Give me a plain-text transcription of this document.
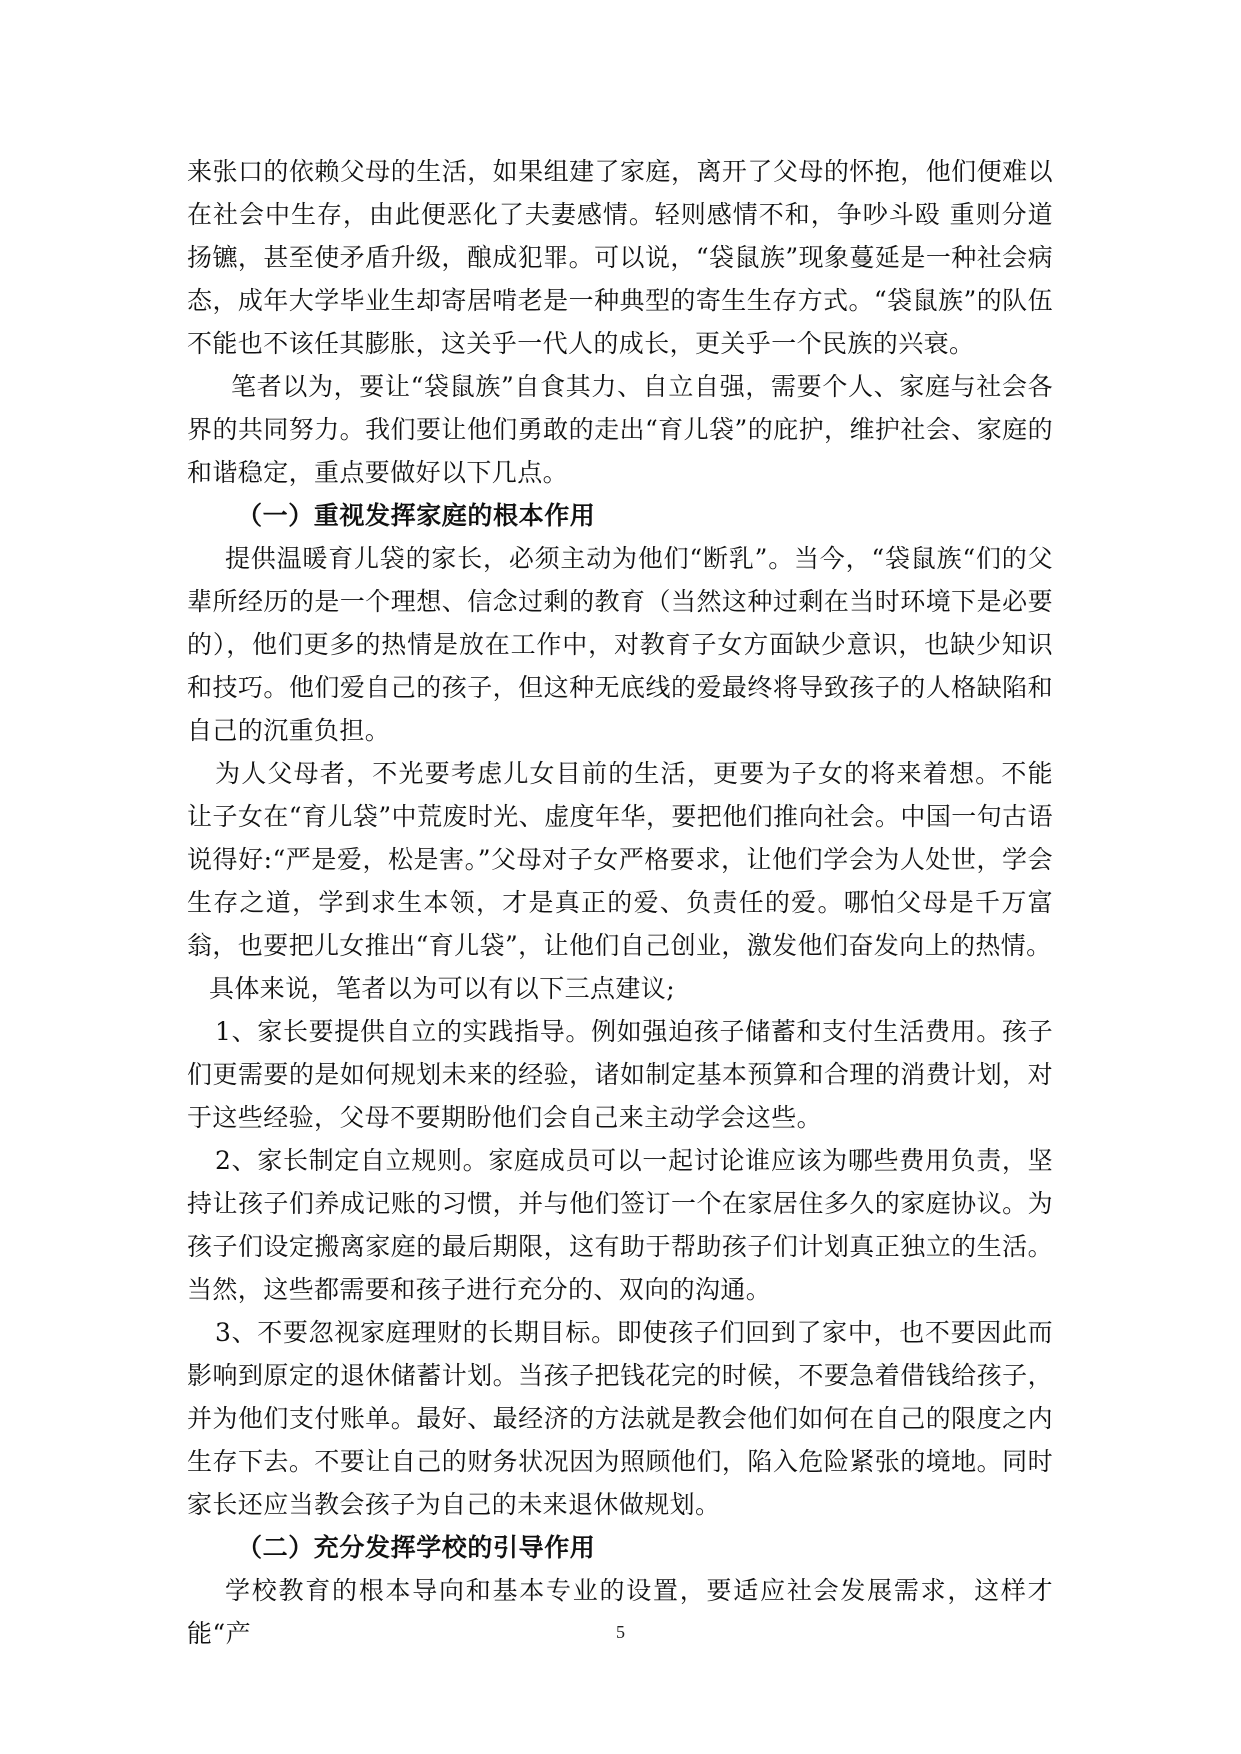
来张口的依赖父母的生活，如果组建了家庭，离开了父母的怀抱，他们便难以在社会中生存，由此便恶化了夫妻感情。轻则感情不和，争吵斗殴 重则分道扬镳，甚至使矛盾升级，酿成犯罪。可以说，“袋鼠族”现象蔓延是一种社会病态，成年大学毕业生却寄居啃老是一种典型的寄生生存方式。“袋鼠族”的队伍不能也不该任其膨胀，这关乎一代人的成长，更关乎一个民族的兴衰。

笔者以为，要让“袋鼠族”自食其力、自立自强，需要个人、家庭与社会各界的共同努力。我们要让他们勇敢的走出“育儿袋”的庇护，维护社会、家庭的和谐稳定，重点要做好以下几点。

（一）重视发挥家庭的根本作用

提供温暖育儿袋的家长，必须主动为他们“断乳”。当今，“袋鼠族“们的父辈所经历的是一个理想、信念过剩的教育（当然这种过剩在当时环境下是必要的），他们更多的热情是放在工作中，对教育子女方面缺少意识，也缺少知识和技巧。他们爱自己的孩子，但这种无底线的爱最终将导致孩子的人格缺陷和自己的沉重负担。

为人父母者，不光要考虑儿女目前的生活，更要为子女的将来着想。不能让子女在“育儿袋”中荒废时光、虚度年华，要把他们推向社会。中国一句古语说得好:“严是爱，松是害。”父母对子女严格要求，让他们学会为人处世，学会生存之道，学到求生本领，才是真正的爱、负责任的爱。哪怕父母是千万富翁，也要把儿女推出“育儿袋”，让他们自己创业，激发他们奋发向上的热情。

具体来说，笔者以为可以有以下三点建议;

1、家长要提供自立的实践指导。例如强迫孩子储蓄和支付生活费用。孩子们更需要的是如何规划未来的经验，诸如制定基本预算和合理的消费计划，对于这些经验，父母不要期盼他们会自己来主动学会这些。

2、家长制定自立规则。家庭成员可以一起讨论谁应该为哪些费用负责，坚持让孩子们养成记账的习惯，并与他们签订一个在家居住多久的家庭协议。为孩子们设定搬离家庭的最后期限，这有助于帮助孩子们计划真正独立的生活。当然，这些都需要和孩子进行充分的、双向的沟通。

3、不要忽视家庭理财的长期目标。即使孩子们回到了家中，也不要因此而影响到原定的退休储蓄计划。当孩子把钱花完的时候，不要急着借钱给孩子，并为他们支付账单。最好、最经济的方法就是教会他们如何在自己的限度之内生存下去。不要让自己的财务状况因为照顾他们，陷入危险紧张的境地。同时家长还应当教会孩子为自己的未来退休做规划。

（二）充分发挥学校的引导作用

学校教育的根本导向和基本专业的设置，要适应社会发展需求，这样才能“产	5
